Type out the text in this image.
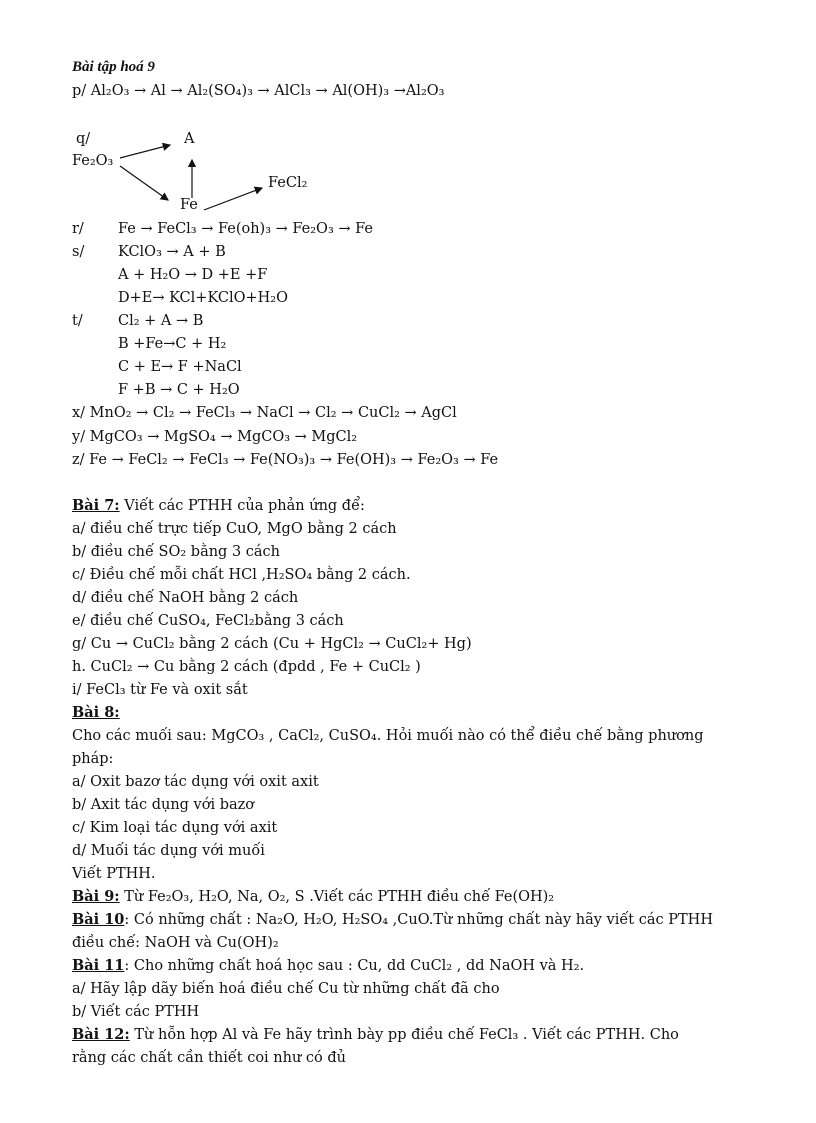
Bài tập hoá 9
p/ Al₂O₃ → Al → Al₂(SO₄)₃ → AlCl₃ → Al(OH)₃ →Al₂O₃
q/
Fe₂O₃
A
Fe
FeCl₂
r/ Fe → FeCl₃ → Fe(oh)₃ → Fe₂O₃ → Fe
s/ KClO₃ → A + B
A + H₂O → D +E +F
D+E→ KCl+KClO+H₂O
t/ Cl₂ + A → B
B +Fe→C + H₂
C + E→ F +NaCl
F +B → C + H₂O
x/ MnO₂ → Cl₂ → FeCl₃ → NaCl → Cl₂ → CuCl₂ → AgCl
y/ MgCO₃ → MgSO₄ → MgCO₃ → MgCl₂
z/ Fe → FeCl₂ → FeCl₃ → Fe(NO₃)₃ → Fe(OH)₃ → Fe₂O₃ → Fe
Bài 7: Viết các PTHH của phản ứng để:
a/ điều chế trực tiếp CuO, MgO bằng 2 cách
b/ điều chế SO₂ bằng 3 cách
c/ Điều chế mỗi chất HCl ,H₂SO₄ bằng 2 cách.
d/ điều chế NaOH bằng 2 cách
e/ điều chế CuSO₄, FeCl₂bằng 3 cách
g/ Cu → CuCl₂ bằng 2 cách (Cu + HgCl₂ → CuCl₂+ Hg)
h. CuCl₂ → Cu bằng 2 cách (đpdd , Fe + CuCl₂ )
i/ FeCl₃ từ Fe và oxit sắt
Bài 8:
Cho các muối sau: MgCO₃ , CaCl₂, CuSO₄. Hỏi muối nào có thể điều chế bằng phương
pháp:
a/ Oxit bazơ tác dụng với oxit axit
b/ Axit tác dụng với bazơ
c/ Kim loại tác dụng với axit
d/ Muối tác dụng với muối
Viết PTHH.
Bài 9: Từ Fe₂O₃, H₂O, Na, O₂, S .Viết các PTHH điều chế Fe(OH)₂
Bài 10: Có những chất : Na₂O, H₂O, H₂SO₄ ,CuO.Từ những chất này hãy viết các PTHH
điều chế: NaOH và Cu(OH)₂
Bài 11: Cho những chất hoá học sau : Cu, dd CuCl₂ , dd NaOH và H₂.
a/ Hãy lập dãy biến hoá điều chế Cu từ những chất đã cho
b/ Viết các PTHH
Bài 12: Từ hỗn hợp Al và Fe hãy trình bày pp điều chế FeCl₃ . Viết các PTHH. Cho
rằng các chất cần thiết coi như có đủ
